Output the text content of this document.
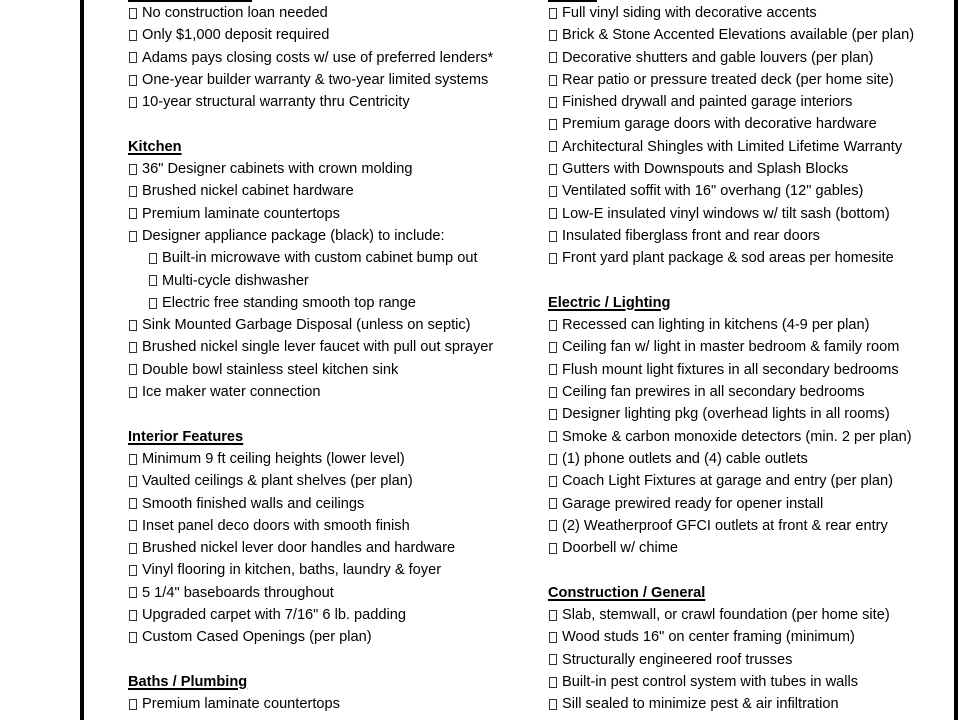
No construction loan needed
Only $1,000 deposit required
Adams pays closing costs w/ use of preferred lenders*
One-year builder warranty & two-year limited systems
10-year structural warranty thru Centricity
Kitchen
36" Designer cabinets with crown molding
Brushed nickel cabinet hardware
Premium laminate countertops
Designer appliance package (black) to include:
Built-in microwave with custom cabinet bump out
Multi-cycle dishwasher
Electric free standing smooth top range
Sink Mounted Garbage Disposal (unless on septic)
Brushed nickel single lever faucet with pull out sprayer
Double bowl stainless steel kitchen sink
Ice maker water connection
Interior Features
Minimum 9 ft ceiling heights (lower level)
Vaulted ceilings & plant shelves (per plan)
Smooth finished walls and ceilings
Inset panel deco doors with smooth finish
Brushed nickel lever door handles and hardware
Vinyl flooring in kitchen, baths, laundry & foyer
5 1/4" baseboards throughout
Upgraded carpet with 7/16" 6 lb. padding
Custom Cased Openings (per plan)
Baths / Plumbing
Premium laminate countertops
Full vinyl siding with decorative accents
Brick & Stone Accented Elevations available (per plan)
Decorative shutters and gable louvers (per plan)
Rear patio or pressure treated deck (per home site)
Finished drywall and painted garage interiors
Premium garage doors with decorative hardware
Architectural Shingles with Limited Lifetime Warranty
Gutters with Downspouts and Splash Blocks
Ventilated soffit with 16" overhang (12" gables)
Low-E insulated vinyl windows w/ tilt sash (bottom)
Insulated fiberglass front and rear doors
Front yard plant package & sod areas per homesite
Electric / Lighting
Recessed can lighting in kitchens (4-9 per plan)
Ceiling fan w/ light in master bedroom & family room
Flush mount light fixtures in all secondary bedrooms
Ceiling fan prewires in all secondary bedrooms
Designer lighting pkg (overhead lights in all rooms)
Smoke & carbon monoxide detectors (min. 2 per plan)
(1) phone outlets and (4) cable outlets
Coach Light Fixtures at garage and entry (per plan)
Garage prewired ready for opener install
(2) Weatherproof GFCI outlets at front & rear entry
Doorbell w/ chime
Construction / General
Slab, stemwall, or crawl foundation (per home site)
Wood studs 16" on center framing (minimum)
Structurally engineered roof trusses
Built-in pest control system with tubes in walls
Sill sealed to minimize pest & air infiltration
